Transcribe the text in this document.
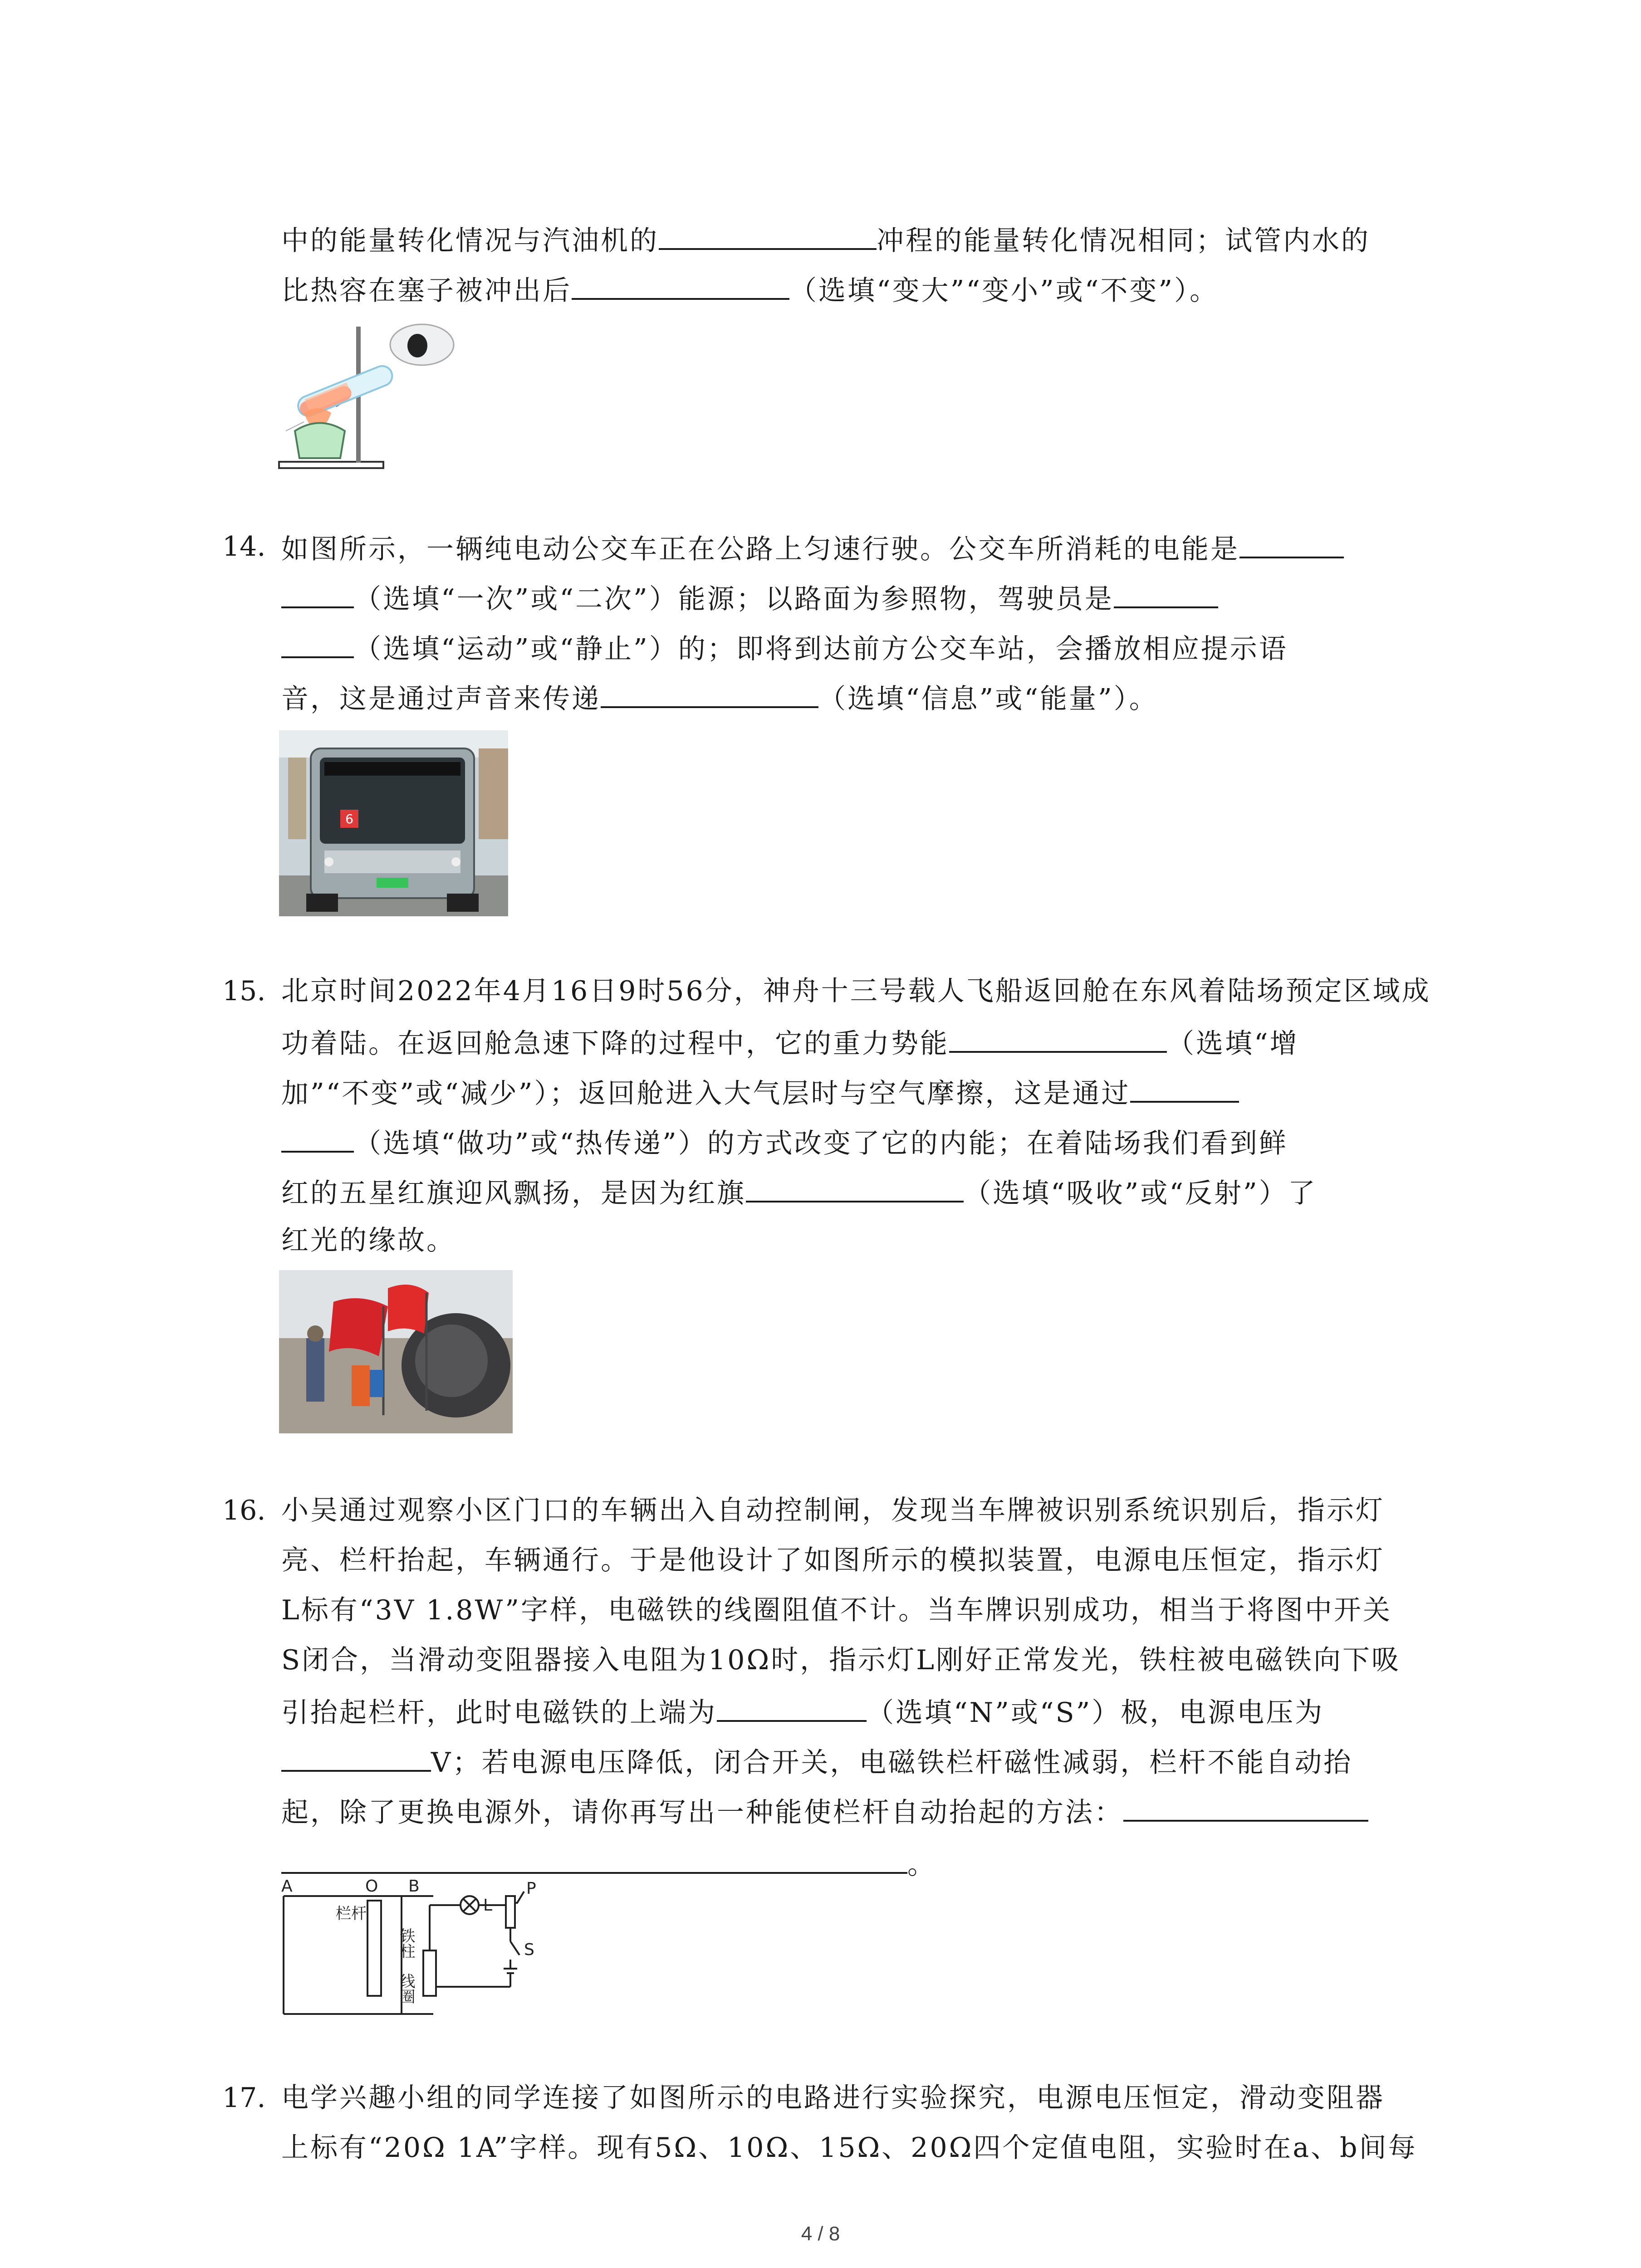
中的能量转化情况与汽油机的	冲程的能量转化情况相同；试管内水的
比热容在塞子被冲出后	（选填“变大”“变小”或“不变”）。
14. 如图所示，一辆纯电动公交车正在公路上匀速行驶。公交车所消耗的电能是
（选填“一次”或“二次”）能源；以路面为参照物，驾驶员是
（选填“运动”或“静止”）的；即将到达前方公交车站，会播放相应提示语
音，这是通过声音来传递	（选填“信息”或“能量”）。
6
15. 北京时间2022年4月16日9时56分，神舟十三号载人飞船返回舱在东风着陆场预定区域成
功着陆。在返回舱急速下降的过程中，它的重力势能	（选填“增
加”“不变”或“减少”）；返回舱进入大气层时与空气摩擦，这是通过
（选填“做功”或“热传递”）的方式改变了它的内能；在着陆场我们看到鲜
红的五星红旗迎风飘扬，是因为红旗	（选填“吸收”或“反射”）了
红光的缘故。
16. 小吴通过观察小区门口的车辆出入自动控制闸，发现当车牌被识别系统识别后，指示灯
亮、栏杆抬起，车辆通行。于是他设计了如图所示的模拟装置，电源电压恒定，指示灯
L标有“3V 1.8W”字样，电磁铁的线圈阻值不计。当车牌识别成功，相当于将图中开关
S闭合，当滑动变阻器接入电阻为10Ω时，指示灯L刚好正常发光，铁柱被电磁铁向下吸
引抬起栏杆，此时电磁铁的上端为	（选填“N”或“S”）极，电源电压为
V；若电源电压降低，闭合开关，电磁铁栏杆磁性减弱，栏杆不能自动抬
起，除了更换电源外，请你再写出一种能使栏杆自动抬起的方法：
。
A	O B
L
P
S
栏杆
铁柱
线圈
17. 电学兴趣小组的同学连接了如图所示的电路进行实验探究，电源电压恒定，滑动变阻器
上标有“20Ω 1A”字样。现有5Ω、10Ω、15Ω、20Ω四个定值电阻，实验时在a、b间每
4 / 8
